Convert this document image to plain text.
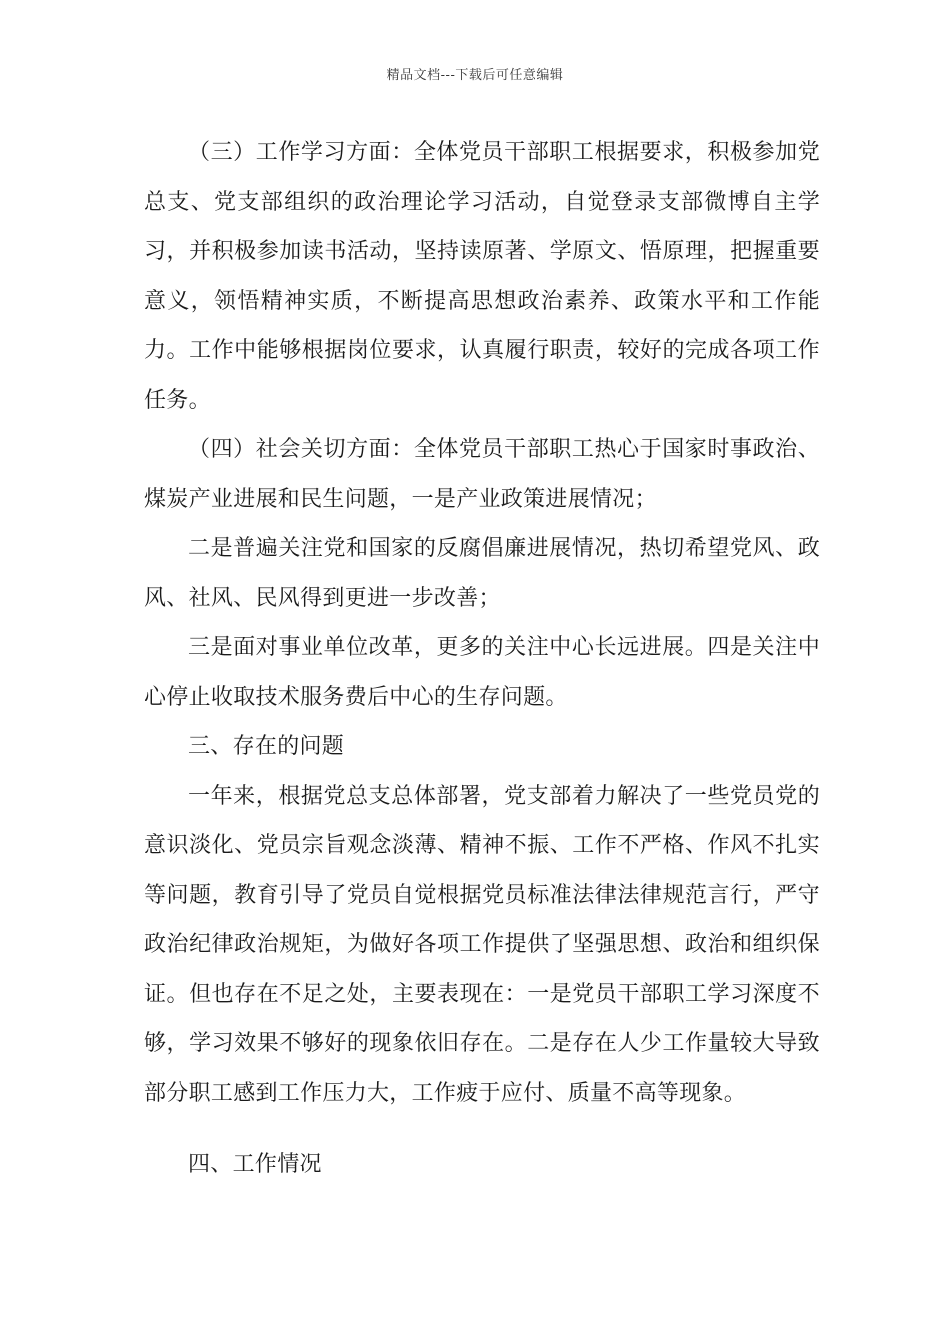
精品文档---下载后可任意编辑

（三）工作学习方面：全体党员干部职工根据要求，积极参加党总支、党支部组织的政治理论学习活动，自觉登录支部微博自主学习，并积极参加读书活动，坚持读原著、学原文、悟原理，把握重要意义，领悟精神实质，不断提高思想政治素养、政策水平和工作能力。工作中能够根据岗位要求，认真履行职责，较好的完成各项工作任务。

（四）社会关切方面：全体党员干部职工热心于国家时事政治、煤炭产业进展和民生问题，一是产业政策进展情况；

二是普遍关注党和国家的反腐倡廉进展情况，热切希望党风、政风、社风、民风得到更进一步改善；

三是面对事业单位改革，更多的关注中心长远进展。四是关注中心停止收取技术服务费后中心的生存问题。

三、存在的问题

一年来，根据党总支总体部署，党支部着力解决了一些党员党的意识淡化、党员宗旨观念淡薄、精神不振、工作不严格、作风不扎实等问题，教育引导了党员自觉根据党员标准法律法律规范言行，严守政治纪律政治规矩，为做好各项工作提供了坚强思想、政治和组织保证。但也存在不足之处，主要表现在：一是党员干部职工学习深度不够，学习效果不够好的现象依旧存在。二是存在人少工作量较大导致部分职工感到工作压力大，工作疲于应付、质量不高等现象。

四、工作情况
